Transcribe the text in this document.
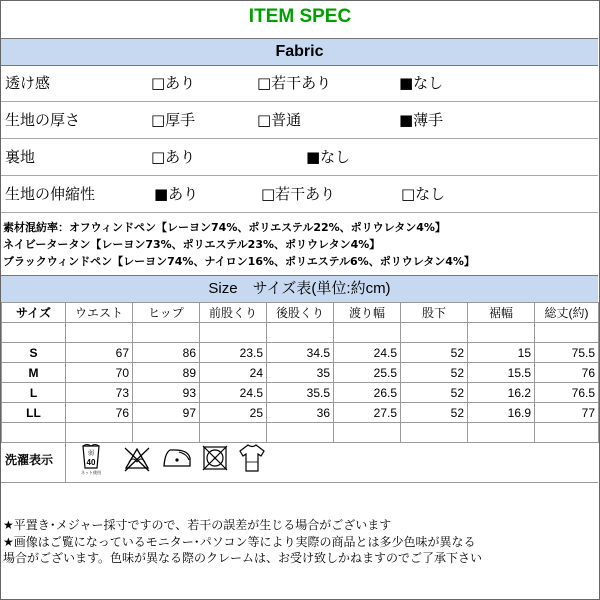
ITEM SPEC
Fabric
透け感	□あり	□若干あり	■なし
生地の厚さ	□厚手	□普通	■薄手
裏地	□あり	■なし
生地の伸縮性	■あり	□若干あり	□なし
素材混紡率：オフウィンドペン【レーヨン74%、ポリエステル22%、ポリウレタン4%】
ネイビータータン【レーヨン73%、ポリエステル23%、ポリウレタン4%】
ブラックウィンドペン【レーヨン74%、ナイロン16%、ポリエステル6%、ポリウレタン4%】
Size　サイズ表(単位:約cm)
サイズ	ウエスト	ヒップ	前股くり	後股くり	渡り幅	股下	裾幅	総丈(約)

S	67	86	23.5	34.5	24.5	52	15	75.5
M	70	89	24	35	25.5	52	15.5	76
L	73	93	24.5	35.5	26.5	52	16.2	76.5
LL	76	97	25	36	27.5	52	16.9	77

洗濯表示	弱
40
ネット使用
★平置き･メジャー採寸ですので、若干の誤差が生じる場合がございます
★画像はご覧になっているモニター･パソコン等により実際の商品とは多少色味が異なる
場合がございます。色味が異なる際のクレームは、お受け致しかねますのでご了承下さい
